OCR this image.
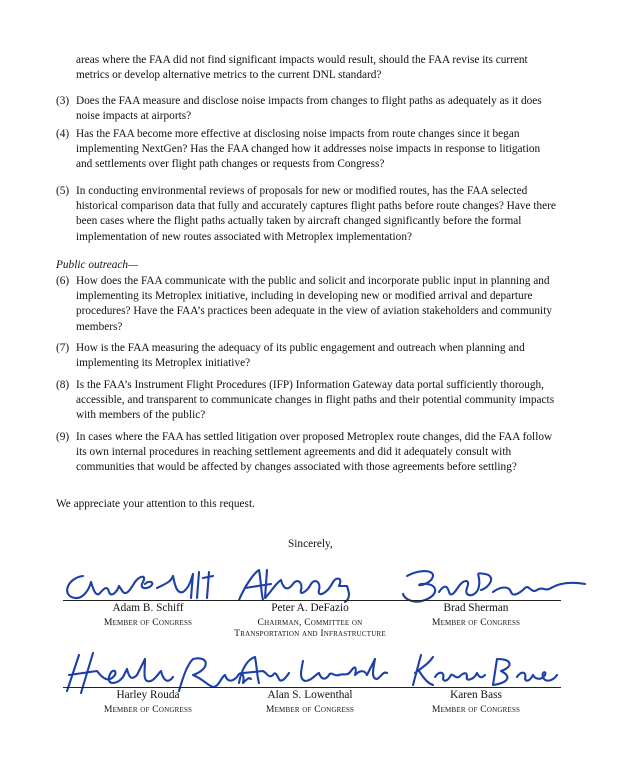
areas where the FAA did not find significant impacts would result, should the FAA revise its current metrics or develop alternative metrics to the current DNL standard?

(3) Does the FAA measure and disclose noise impacts from changes to flight paths as adequately as it does noise impacts at airports?
(4) Has the FAA become more effective at disclosing noise impacts from route changes since it began implementing NextGen? Has the FAA changed how it addresses noise impacts in response to litigation and settlements over flight path changes or requests from Congress?
(5) In conducting environmental reviews of proposals for new or modified routes, has the FAA selected historical comparison data that fully and accurately captures flight paths before route changes? Have there been cases where the flight paths actually taken by aircraft changed significantly before the formal implementation of new routes associated with Metroplex implementation?

Public outreach—

(6) How does the FAA communicate with the public and solicit and incorporate public input in planning and implementing its Metroplex initiative, including in developing new or modified arrival and departure procedures? Have the FAA’s practices been adequate in the view of aviation stakeholders and community members?
(7) How is the FAA measuring the adequacy of its public engagement and outreach when planning and implementing its Metroplex initiative?
(8) Is the FAA’s Instrument Flight Procedures (IFP) Information Gateway data portal sufficiently thorough, accessible, and transparent to communicate changes in flight paths and their potential community impacts with members of the public?
(9) In cases where the FAA has settled litigation over proposed Metroplex route changes, did the FAA follow its own internal procedures in reaching settlement agreements and did it adequately consult with communities that would be affected by changes associated with those agreements before settling?

We appreciate your attention to this request.

Sincerely,

Adam B. Schiff
Member of Congress
Peter A. DeFazio
Chairman, Committee on Transportation and Infrastructure
Brad Sherman
Member of Congress
Harley Rouda
Member of Congress
Alan S. Lowenthal
Member of Congress
Karen Bass
Member of Congress
